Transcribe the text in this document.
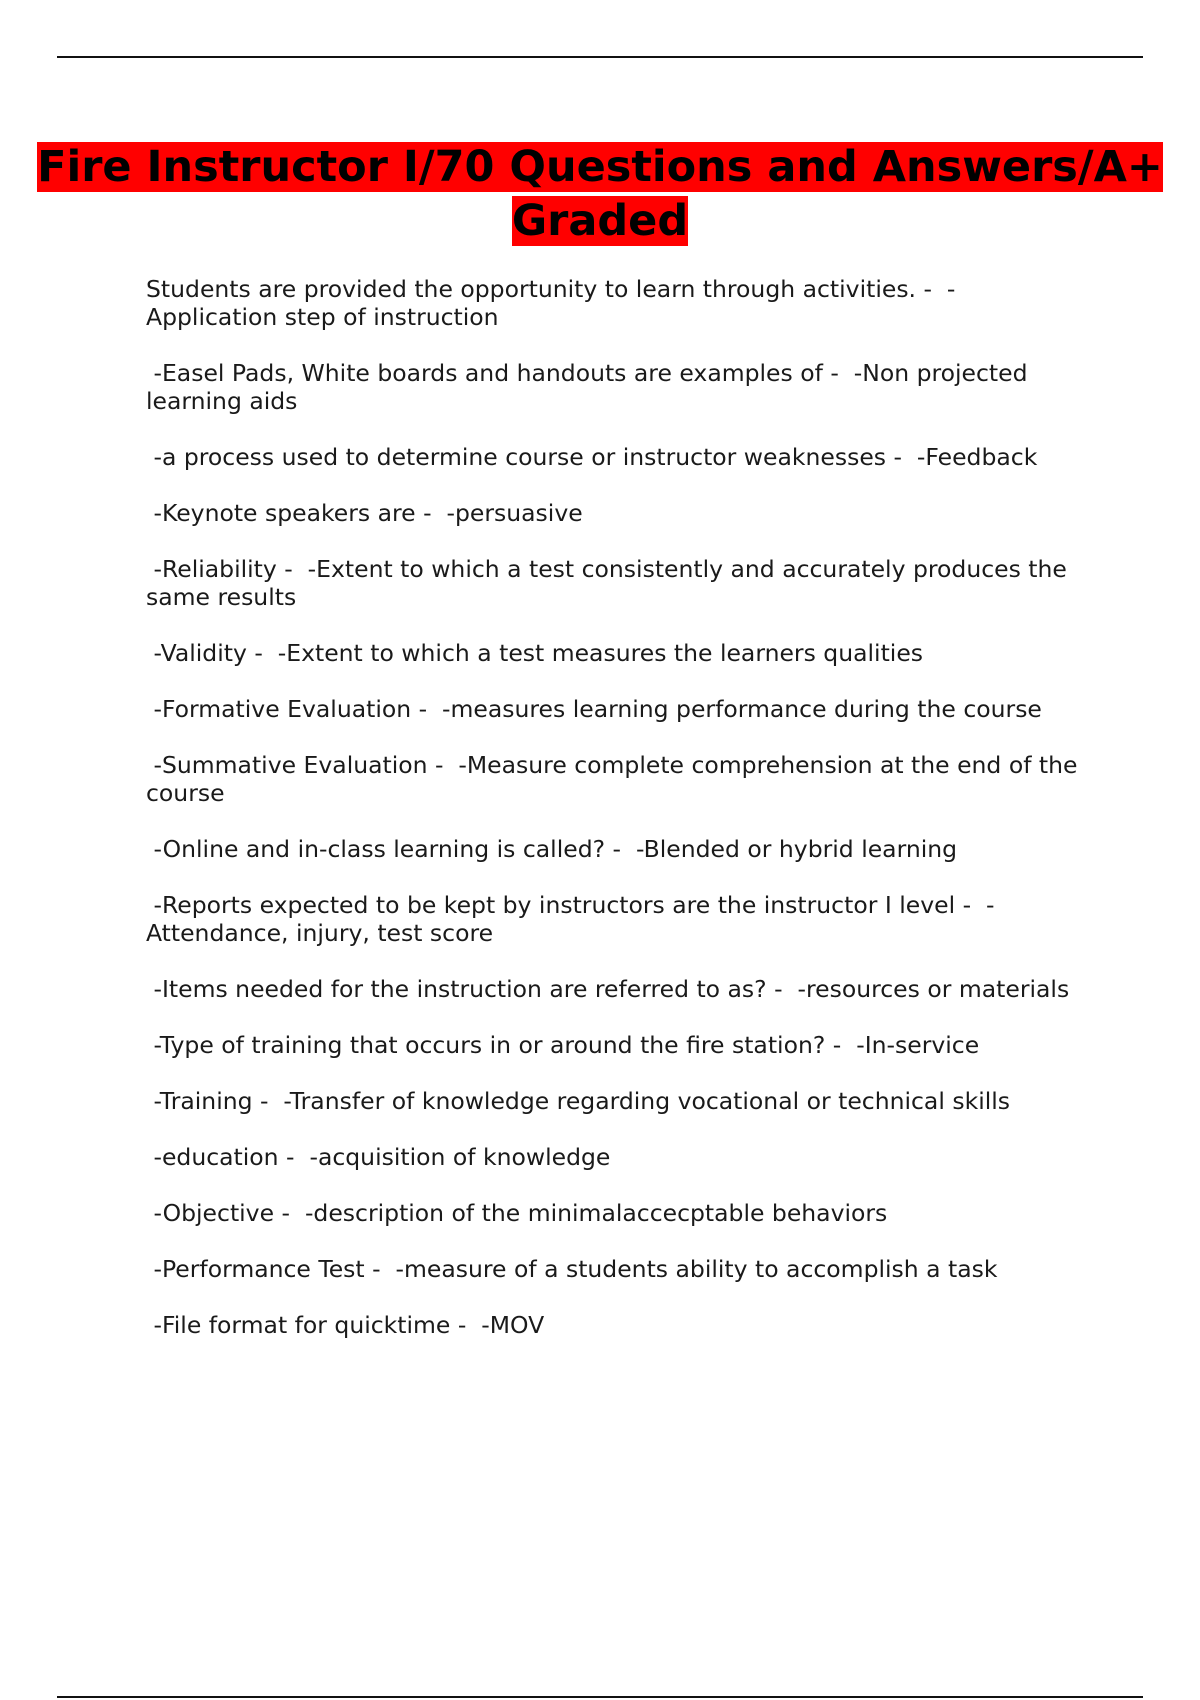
Fire Instructor I/70 Questions and Answers/A+ Graded

Students are provided the opportunity to learn through activities. -  - Application step of instruction

-Easel Pads, White boards and handouts are examples of -  -Non projected learning aids

-a process used to determine course or instructor weaknesses -  -Feedback

-Keynote speakers are -  -persuasive

-Reliability -  -Extent to which a test consistently and accurately produces the same results

-Validity -  -Extent to which a test measures the learners qualities

-Formative Evaluation -  -measures learning performance during the course

-Summative Evaluation -  -Measure complete comprehension at the end of the course

-Online and in-class learning is called? -  -Blended or hybrid learning

-Reports expected to be kept by instructors are the instructor I level -  - Attendance, injury, test score

-Items needed for the instruction are referred to as? -  -resources or materials

-Type of training that occurs in or around the fire station? -  -In-service

-Training -  -Transfer of knowledge regarding vocational or technical skills

-education -  -acquisition of knowledge

-Objective -  -description of the minimalaccecptable behaviors

-Performance Test -  -measure of a students ability to accomplish a task

-File format for quicktime -  -MOV
